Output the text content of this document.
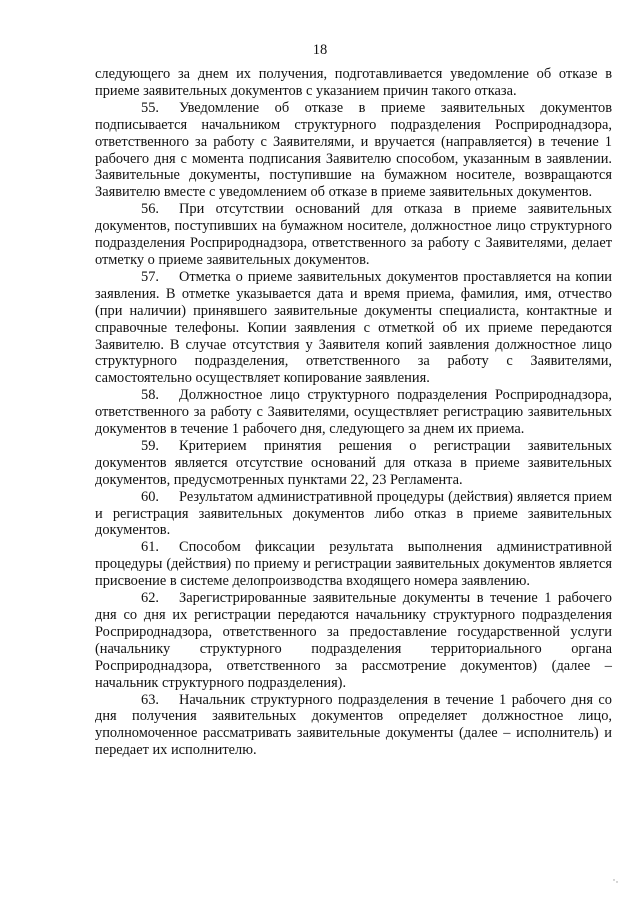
18

следующего за днем их получения, подготавливается уведомление об отказе в приеме заявительных документов с указанием причин такого отказа.

55. Уведомление об отказе в приеме заявительных документов подписывается начальником структурного подразделения Росприроднадзора, ответственного за работу с Заявителями, и вручается (направляется) в течение 1 рабочего дня с момента подписания Заявителю способом, указанным в заявлении. Заявительные документы, поступившие на бумажном носителе, возвращаются Заявителю вместе с уведомлением об отказе в приеме заявительных документов.

56. При отсутствии оснований для отказа в приеме заявительных документов, поступивших на бумажном носителе, должностное лицо структурного подразделения Росприроднадзора, ответственного за работу с Заявителями, делает отметку о приеме заявительных документов.

57. Отметка о приеме заявительных документов проставляется на копии заявления. В отметке указывается дата и время приема, фамилия, имя, отчество (при наличии) принявшего заявительные документы специалиста, контактные и справочные телефоны. Копии заявления с отметкой об их приеме передаются Заявителю. В случае отсутствия у Заявителя копий заявления должностное лицо структурного подразделения, ответственного за работу с Заявителями, самостоятельно осуществляет копирование заявления.

58. Должностное лицо структурного подразделения Росприроднадзора, ответственного за работу с Заявителями, осуществляет регистрацию заявительных документов в течение 1 рабочего дня, следующего за днем их приема.

59. Критерием принятия решения о регистрации заявительных документов является отсутствие оснований для отказа в приеме заявительных документов, предусмотренных пунктами 22, 23 Регламента.

60. Результатом административной процедуры (действия) является прием и регистрация заявительных документов либо отказ в приеме заявительных документов.

61. Способом фиксации результата выполнения административной процедуры (действия) по приему и регистрации заявительных документов является присвоение в системе делопроизводства входящего номера заявлению.

62. Зарегистрированные заявительные документы в течение 1 рабочего дня со дня их регистрации передаются начальнику структурного подразделения Росприроднадзора, ответственного за предоставление государственной услуги (начальнику структурного подразделения территориального органа Росприроднадзора, ответственного за рассмотрение документов) (далее – начальник структурного подразделения).

63. Начальник структурного подразделения в течение 1 рабочего дня со дня получения заявительных документов определяет должностное лицо, уполномоченное рассматривать заявительные документы (далее – исполнитель) и передает их исполнителю.
